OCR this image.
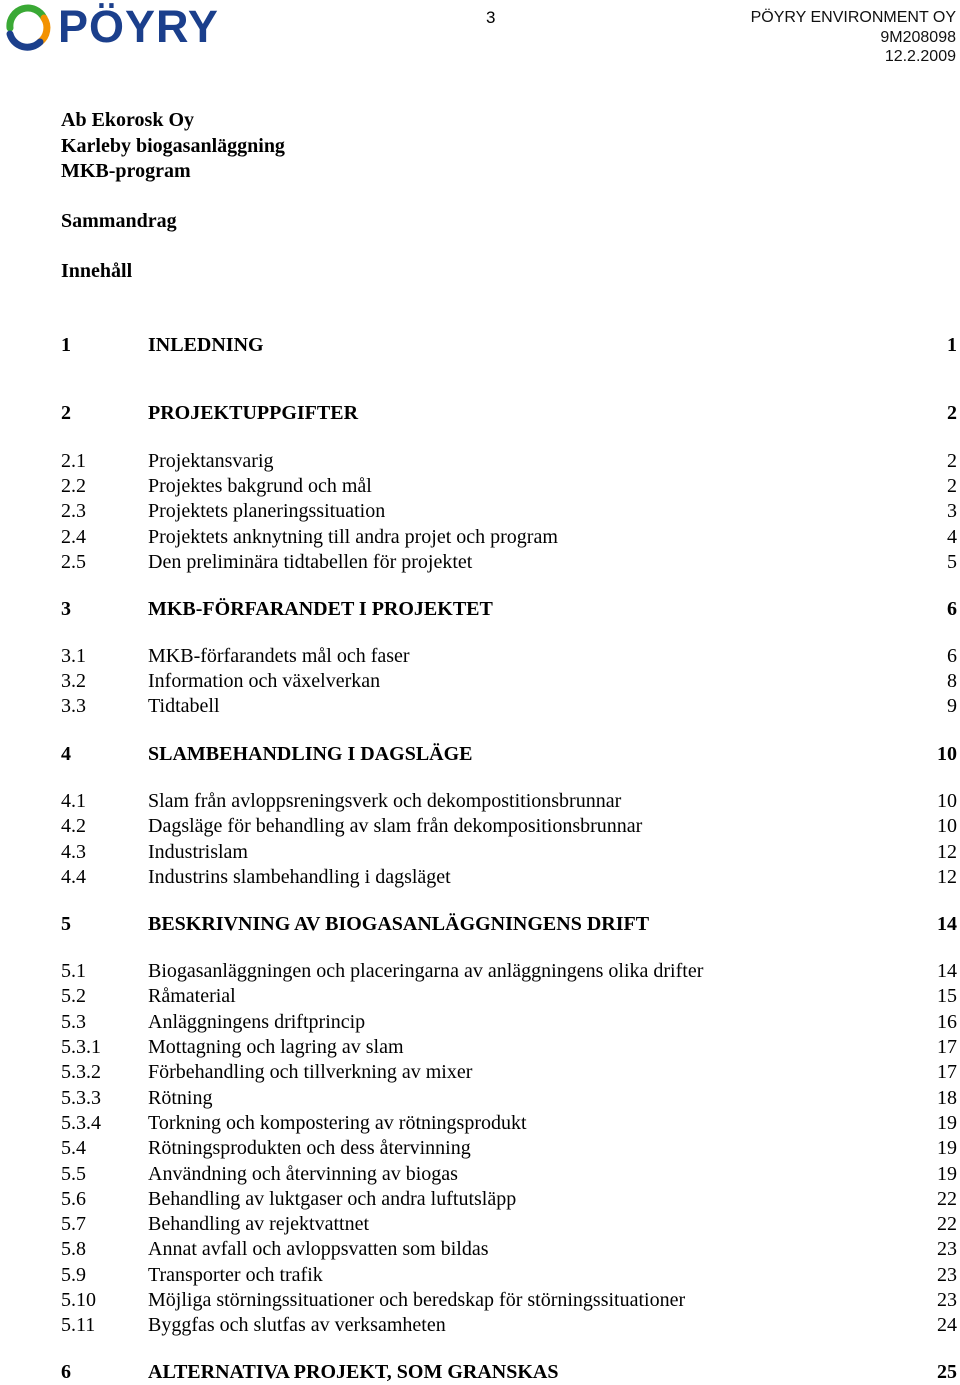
PÖYRY	3	PÖYRY ENVIRONMENT OY
9M208098
12.2.2009
Ab Ekorosk Oy
Karleby biogasanläggning
MKB-program
Sammandrag
Innehåll
1	INLEDNING	1
2	PROJEKTUPPGIFTER	2
2.1	Projektansvarig	2
2.2	Projektes bakgrund och mål	2
2.3	Projektets planeringssituation	3
2.4	Projektets anknytning till andra projet och program	4
2.5	Den preliminära tidtabellen för projektet	5
3	MKB-FÖRFARANDET I PROJEKTET	6
3.1	MKB-förfarandets mål och faser	6
3.2	Information och växelverkan	8
3.3	Tidtabell	9
4	SLAMBEHANDLING I DAGSLÄGE	10
4.1	Slam från avloppsreningsverk och dekompostitionsbrunnar	10
4.2	Dagsläge för behandling av slam från dekompositionsbrunnar	10
4.3	Industrislam	12
4.4	Industrins slambehandling i dagsläget	12
5	BESKRIVNING AV BIOGASANLÄGGNINGENS DRIFT	14
5.1	Biogasanläggningen och placeringarna av anläggningens olika drifter	14
5.2	Råmaterial	15
5.3	Anläggningens driftprincip	16
5.3.1 Mottagning och lagring av slam	17
5.3.2 Förbehandling och tillverkning av mixer	17
5.3.3 Rötning	18
5.3.4 Torkning och kompostering av rötningsprodukt	19
5.4	Rötningsprodukten och dess återvinning	19
5.5	Användning och återvinning av biogas	19
5.6	Behandling av luktgaser och andra luftutsläpp	22
5.7	Behandling av rejektvattnet	22
5.8	Annat avfall och avloppsvatten som bildas	23
5.9	Transporter och trafik	23
5.10	Möjliga störningssituationer och beredskap för störningssituationer	23
5.11	Byggfas och slutfas av verksamheten	24
6	ALTERNATIVA PROJEKT, SOM GRANSKAS	25
